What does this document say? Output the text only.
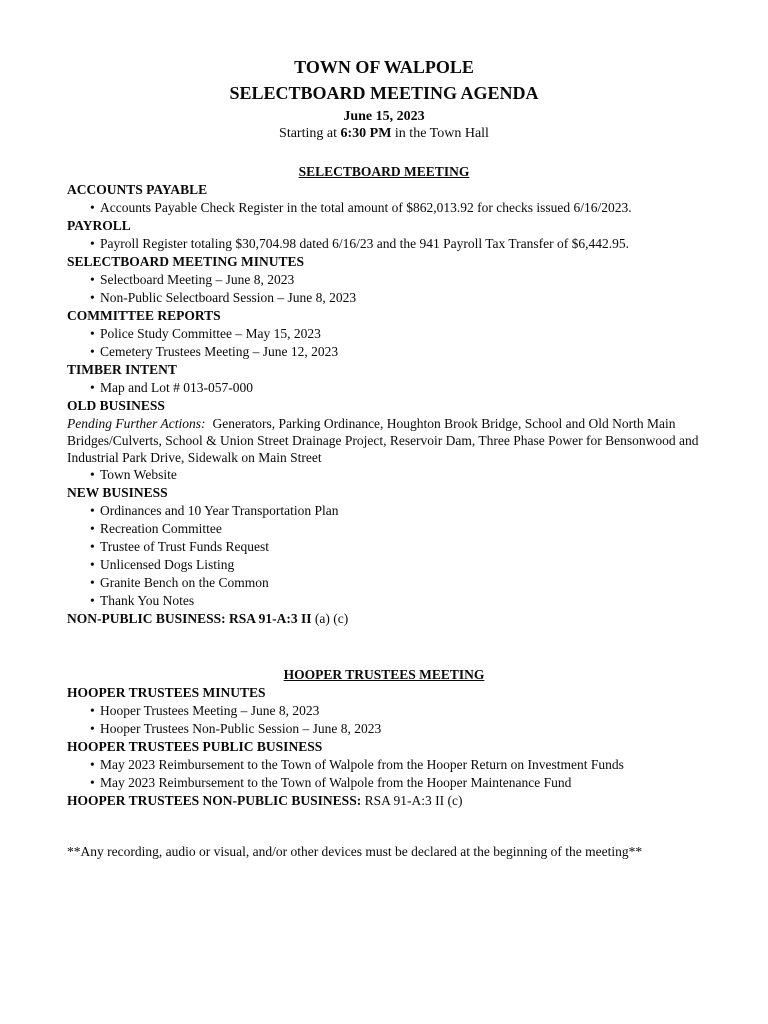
TOWN OF WALPOLE
SELECTBOARD MEETING AGENDA
June 15, 2023
Starting at 6:30 PM in the Town Hall
SELECTBOARD MEETING
ACCOUNTS PAYABLE
• Accounts Payable Check Register in the total amount of $862,013.92 for checks issued 6/16/2023.
PAYROLL
• Payroll Register totaling $30,704.98 dated 6/16/23 and the 941 Payroll Tax Transfer of $6,442.95.
SELECTBOARD MEETING MINUTES
• Selectboard Meeting – June 8, 2023
• Non-Public Selectboard Session – June 8, 2023
COMMITTEE REPORTS
• Police Study Committee – May 15, 2023
• Cemetery Trustees Meeting – June 12, 2023
TIMBER INTENT
• Map and Lot # 013-057-000
OLD BUSINESS

Pending Further Actions: Generators, Parking Ordinance, Houghton Brook Bridge, School and Old North Main Bridges/Culverts, School & Union Street Drainage Project, Reservoir Dam, Three Phase Power for Bensonwood and Industrial Park Drive, Sidewalk on Main Street

• Town Website
NEW BUSINESS
• Ordinances and 10 Year Transportation Plan
• Recreation Committee
• Trustee of Trust Funds Request
• Unlicensed Dogs Listing
• Granite Bench on the Common
• Thank You Notes
NON-PUBLIC BUSINESS: RSA 91-A:3 II (a) (c)
HOOPER TRUSTEES MEETING
HOOPER TRUSTEES MINUTES
• Hooper Trustees Meeting – June 8, 2023
• Hooper Trustees Non-Public Session – June 8, 2023
HOOPER TRUSTEES PUBLIC BUSINESS
• May 2023 Reimbursement to the Town of Walpole from the Hooper Return on Investment Funds
• May 2023 Reimbursement to the Town of Walpole from the Hooper Maintenance Fund
HOOPER TRUSTEES NON-PUBLIC BUSINESS: RSA 91-A:3 II (c)

**Any recording, audio or visual, and/or other devices must be declared at the beginning of the meeting**
